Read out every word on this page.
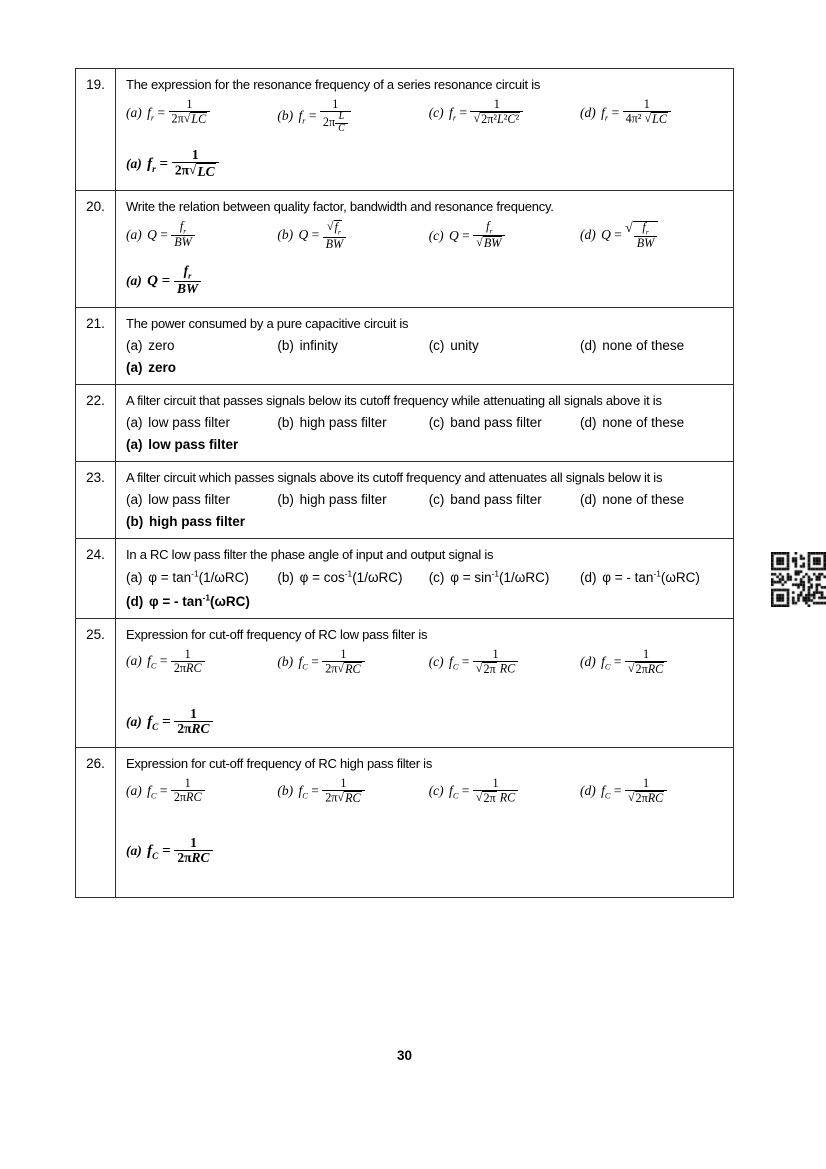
19.	The expression for the resonance frequency of a series resonance circuit is
(a) $f_r = \frac{1}{2\pi √ LC}$	(b) $f_r = \frac{1}{2\pi \frac{L}{C}}$	(c) $f_r = \frac{1}{\text{√ 2π²L²C²}}$	(d) $f_r = \frac{1}{\text{4π² √ LC}}$
(a) $f_r = \frac{1}{2\pi √ LC}$

20.	Write the relation between quality factor, bandwidth and resonance frequency.
(a) $Q = \frac{f_r}{BW}$	(b) $Q = \frac{√ f_r}{BW}$	(c) $Q = \frac{f_r}{√ BW}$	(d) Q = √ $\frac{f_r}{BW}$
(a) $Q = \frac{f_r}{BW}$

21.	The power consumed by a pure capacitive circuit is
(a) zero	(b) infinity	(c) unity	(d) none of these
(a) zero

22.	A filter circuit that passes signals below its cutoff frequency while attenuating all signals above it is
(a) low pass filter	(b) high pass filter	(c) band pass filter	(d) none of these
(a) low pass filter

23.	A filter circuit which passes signals above its cutoff frequency and attenuates all signals below it is
(a) low pass filter	(b) high pass filter	(c) band pass filter	(d) none of these
(b) high pass filter

24.	In a RC low pass filter the phase angle of input and output signal is
(a) $\varphi = \tan^{-1}(1/\omega RC)$	(b) $\varphi = \cos^{-1}(1/\omega RC)$	(c) $\varphi = \sin^{-1}(1/\omega RC)$	(d) φ = - $\tan^{-1}(\omega RC)$
(d) φ = - $\tan^{-1}(\omega RC)$

25.	Expression for cut-off frequency of RC low pass filter is
(a) $f_C = \frac{1}{\text{2πRC}}$	(b) $f_C = \frac{1}{2\pi √ RC}$	(c) $f_C = \frac{1}{\text{√ 2π RC}}$	(d) $f_C = \frac{1}{\text{√ 2πRC}}$
(a) $f_C = \frac{1}{\text{2πRC}}$

26.	Expression for cut-off frequency of RC high pass filter is
(a) $f_C = \frac{1}{\text{2πRC}}$	(b) $f_C = \frac{1}{2\pi √ RC}$	(c) $f_C = \frac{1}{\text{√ 2π RC}}$	(d) $f_C = \frac{1}{\text{√ 2πRC}}$
(a) $f_C = \frac{1}{\text{2πRC}}$
30
